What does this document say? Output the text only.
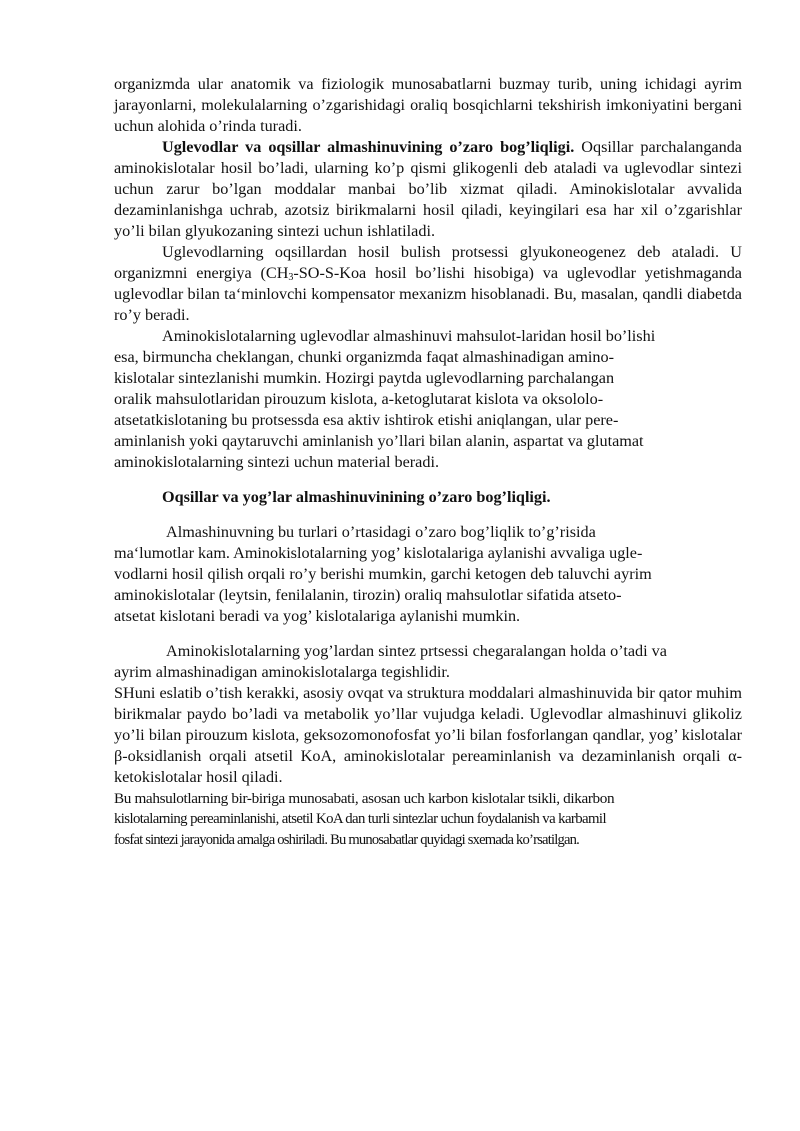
organizmda ular anatomik va fiziologik munosabatlarni buzmay turib, uning ichidagi ayrim jarayonlarni, molekulalarning o’zgarishidagi oraliq bosqichlarni tekshirish imkoniyatini bergani uchun alohida o’rinda turadi.

Uglevodlar va oqsillar almashinuvining o’zaro bog’liqligi. Oqsillar parchalanganda aminokislotalar hosil bo’ladi, ularning ko’p qismi glikogenli deb ataladi va uglevodlar sintezi uchun zarur bo’lgan moddalar manbai bo’lib xizmat qiladi. Aminokislotalar avvalida dezaminlanishga uchrab, azotsiz birikmalarni hosil qiladi, keyingilari esa har xil o’zgarishlar yo’li bilan glyukozaning sintezi uchun ishlatiladi.

Uglevodlarning oqsillardan hosil bulish protsessi glyukoneogenez deb ataladi. U organizmni energiya ($CH_3-SO-S$-Koa hosil bo’lishi hisobiga) va uglevodlar yetishmaganda uglevodlar bilan ta‘minlovchi kompensator mexanizm hisoblanadi. Bu, masalan, qandli diabetda ro’y beradi.

Aminokislotalarning uglevodlar almashinuvi mahsulot-laridan hosil bo’lishi
esa, birmuncha cheklangan, chunki organizmda faqat almashinadigan amino-
kislotalar sintezlanishi mumkin. Hozirgi paytda uglevodlarning parchalangan
oralik mahsulotlaridan pirouzum kislota, a-ketoglutarat kislota va oksololo-
atsetatkislotaning bu protsessda esa aktiv ishtirok etishi aniqlangan, ular pere-
aminlanish yoki qaytaruvchi aminlanish yo’llari bilan alanin, aspartat va glutamat
aminokislotalarning sintezi uchun material beradi.

Oqsillar va yog’lar almashinuvinining o’zaro bog’liqligi.

Almashinuvning bu turlari o’rtasidagi o’zaro bog’liqlik to’g’risida
ma‘lumotlar kam. Aminokislotalarning yog’ kislotalariga aylanishi avvaliga ugle-
vodlarni hosil qilish orqali ro’y berishi mumkin, garchi ketogen deb taluvchi ayrim
aminokislotalar (leytsin, fenilalanin, tirozin) oraliq mahsulotlar sifatida atseto-
atsetat kislotani beradi va yog’ kislotalariga aylanishi mumkin.
Aminokislotalarning yog’lardan sintez prtsessi chegaralangan holda o’tadi va
ayrim almashinadigan aminokislotalarga tegishlidir.

SHuni eslatib o’tish kerakki, asosiy ovqat va struktura moddalari almashinuvida bir qator muhim birikmalar paydo bo’ladi va metabolik yo’llar vujudga keladi. Uglevodlar almashinuvi glikoliz yo’li bilan pirouzum kislota, geksozomonofosfat yo’li bilan fosforlangan qandlar, yog’ kislotalar β-oksidlanish orqali atsetil KoA, aminokislotalar pereaminlanish va dezaminlanish orqali α-ketokislotalar hosil qiladi.

Bu mahsulotlarning bir-biriga munosabati, asosan uch karbon kislotalar tsikli, dikarbon
kislotalarning pereaminlanishi, atsetil KoA dan turli sintezlar uchun foydalanish va karbamil
fosfat sintezi jarayonida amalga oshiriladi. Bu munosabatlar quyidagi sxemada ko’rsatilgan.
